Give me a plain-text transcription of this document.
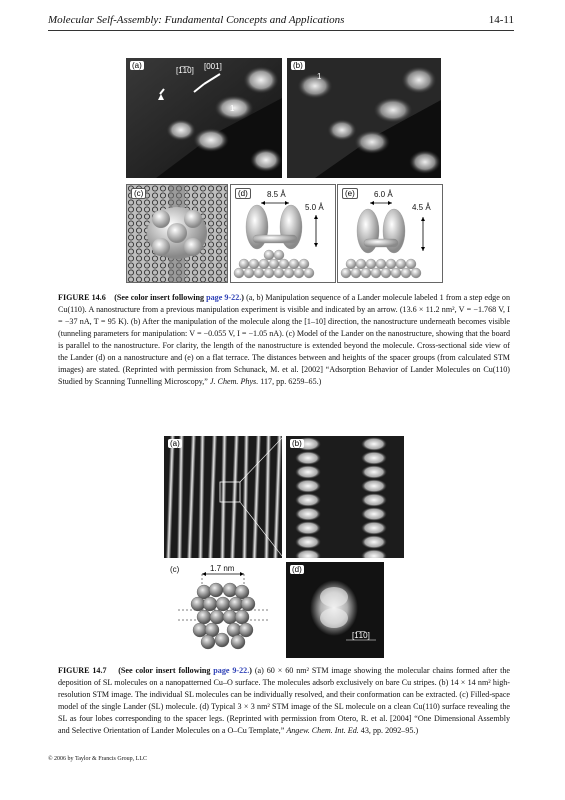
Molecular Self-Assembly: Fundamental Concepts and Applications	14-11
(a)
[1̅1̅0] [001]
1
(b)
1
(c)	(d)	8.5 Å
5.0 Å
(e)	6.0 Å
4.5 Å
FIGURE 14.6 (See color insert following page 9-22.) (a, b) Manipulation sequence of a Lander molecule labeled 1 from a step edge on Cu(110). A nanostructure from a previous manipulation experiment is visible and indicated by an arrow. (13.6 × 11.2 nm², V = −1.768 V, I = −37 nA, T = 95 K). (b) After the manipulation of the molecule along the [1–10] direction, the nanostructure underneath becomes visible (tunneling parameters for manipulation: V = −0.055 V, I = −1.05 nA). (c) Model of the Lander on the nanostructure, showing that the board is parallel to the nanostructure. For clarity, the length of the nanostructure is extended beyond the molecule. Cross-sectional side view of the Lander (d) on a nanostructure and (e) on a flat terrace. The distances between and heights of the spacer groups (from calculated STM images) are stated. (Reprinted with permission from Schunack, M. et al. [2002] “Adsorption Behavior of Lander Molecules on Cu(110) Studied by Scanning Tunnelling Microscopy,” J. Chem. Phys. 117, pp. 6259–65.)
(a)	(b)
(c)	1.7 nm	(d)
[1̅1̅0]
FIGURE 14.7 (See color insert following page 9-22.) (a) 60 × 60 nm² STM image showing the molecular chains formed after the deposition of SL molecules on a nanopatterned Cu–O surface. The molecules adsorb exclusively on bare Cu stripes. (b) 14 × 14 nm² high-resolution STM image. The individual SL molecules can be individually resolved, and their conformation can be extracted. (c) Filled-space model of the single Lander (SL) molecule. (d) Typical 3 × 3 nm² STM image of the SL molecule on a clean Cu(110) surface revealing the SL as four lobes corresponding to the spacer legs. (Reprinted with permission from Otero, R. et al. [2004] “One Dimensional Assembly and Selective Orientation of Lander Molecules on a O–Cu Template,” Angew. Chem. Int. Ed. 43, pp. 2092–95.)
© 2006 by Taylor & Francis Group, LLC
